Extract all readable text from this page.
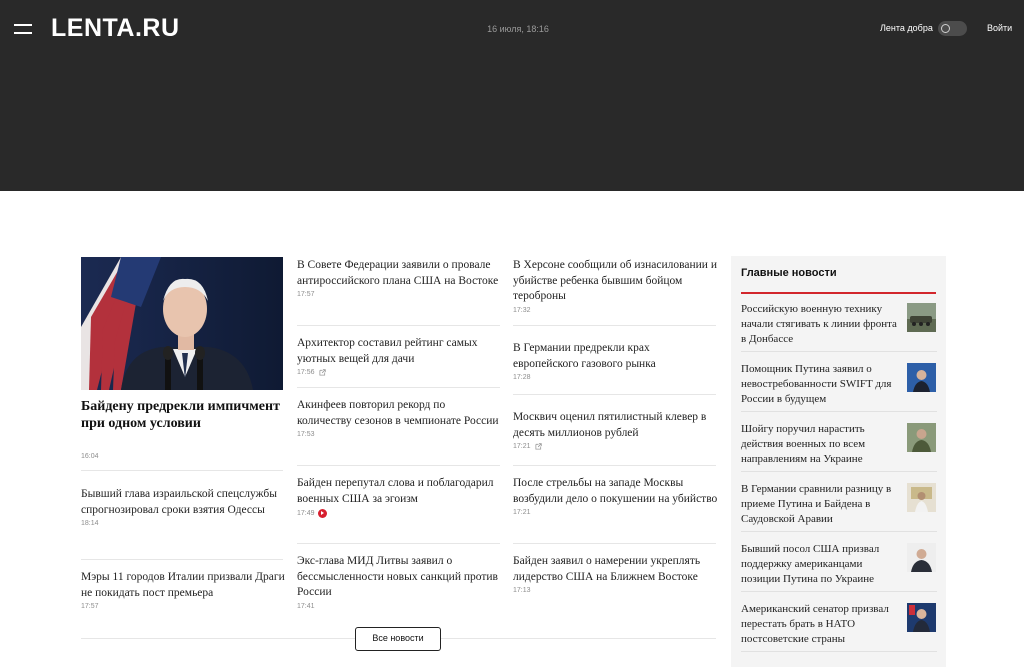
LENTA.RU	16 июля, 18:16	Лента добра	Войти
Байдену предрекли импичмент при одном условии
16:04
Бывший глава израильской спецслужбы спрогнозировал сроки взятия Одессы
18:14
Мэры 11 городов Италии призвали Драги не покидать пост премьера
17:57
В Совете Федерации заявили о провале антироссийского плана США на Востоке
17:57
Архитектор составил рейтинг самых уютных вещей для дачи
17:56
Акинфеев повторил рекорд по количеству сезонов в чемпионате России
17:53
Байден перепутал слова и поблагодарил военных США за эгоизм
17:49
Экс-глава МИД Литвы заявил о бессмысленности новых санкций против России
17:41
В Херсоне сообщили об изнасиловании и убийстве ребенка бывшим бойцом тероброны
17:32
В Германии предрекли крах европейского газового рынка
17:28
Москвич оценил пятилистный клевер в десять миллионов рублей
17:21
После стрельбы на западе Москвы возбудили дело о покушении на убийство
17:21
Байден заявил о намерении укреплять лидерство США на Ближнем Востоке
17:13
Все новости
Главные новости
Российскую военную технику начали стягивать к линии фронта в Донбассе
Помощник Путина заявил о невостребованности SWIFT для России в будущем
Шойгу поручил нарастить действия военных по всем направлениям на Украине
В Германии сравнили разницу в приеме Путина и Байдена в Саудовской Аравии
Бывший посол США призвал поддержку американцами позиции Путина по Украине
Американский сенатор призвал перестать брать в НАТО постсоветские страны
